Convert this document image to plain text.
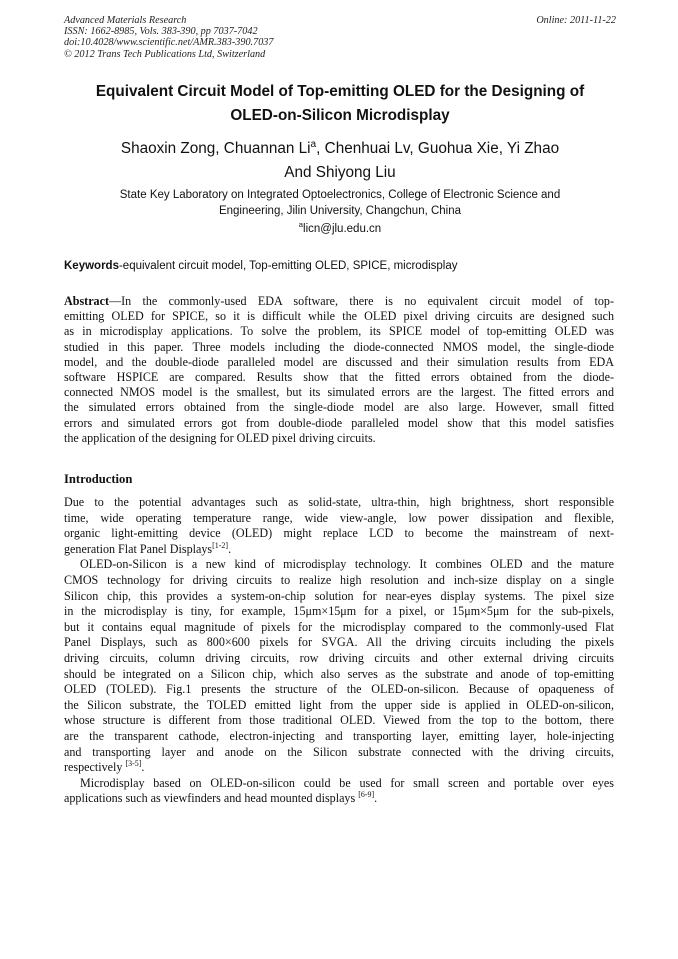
Advanced Materials Research
ISSN: 1662-8985, Vols. 383-390, pp 7037-7042
doi:10.4028/www.scientific.net/AMR.383-390.7037
© 2012 Trans Tech Publications Ltd, Switzerland
Online: 2011-11-22
Equivalent Circuit Model of Top-emitting OLED for the Designing of
OLED-on-Silicon Microdisplay
Shaoxin Zong, Chuannan Li$^a$, Chenhuai Lv, Guohua Xie, Yi Zhao
And Shiyong Liu
State Key Laboratory on Integrated Optoelectronics, College of Electronic Science and
Engineering, Jilin University, Changchun, China
$^a$licn@jlu.edu.cn
Keywords-equivalent circuit model, Top-emitting OLED, SPICE, microdisplay
Abstract—In the commonly-used EDA software, there is no equivalent circuit model of top-
emitting OLED for SPICE, so it is difficult while the OLED pixel driving circuits are designed such
as in microdisplay applications. To solve the problem, its SPICE model of top-emitting OLED was
studied in this paper. Three models including the diode-connected NMOS model, the single-diode
model, and the double-diode paralleled model are discussed and their simulation results from EDA
software HSPICE are compared. Results show that the fitted errors obtained from the diode-
connected NMOS model is the smallest, but its simulated errors are the largest. The fitted errors and
the simulated errors obtained from the single-diode model are also large. However, small fitted
errors and simulated errors got from double-diode paralleled model show that this model satisfies
the application of the designing for OLED pixel driving circuits.
Introduction
Due to the potential advantages such as solid-state, ultra-thin, high brightness, short responsible
time, wide operating temperature range, wide view-angle, low power dissipation and flexible,
organic light-emitting device (OLED) might replace LCD to become the mainstream of next-
generation Flat Panel Displays[1-2].
OLED-on-Silicon is a new kind of microdisplay technology. It combines OLED and the mature
CMOS technology for driving circuits to realize high resolution and inch-size display on a single
Silicon chip, this provides a system-on-chip solution for near-eyes display systems. The pixel size
in the microdisplay is tiny, for example, 15μm×15μm for a pixel, or 15μm×5μm for the sub-pixels,
but it contains equal magnitude of pixels for the microdisplay compared to the commonly-used Flat
Panel Displays, such as 800×600 pixels for SVGA. All the driving circuits including the pixels
driving circuits, column driving circuits, row driving circuits and other external driving circuits
should be integrated on a Silicon chip, which also serves as the substrate and anode of top-emitting
OLED (TOLED). Fig.1 presents the structure of the OLED-on-silicon. Because of opaqueness of
the Silicon substrate, the TOLED emitted light from the upper side is applied in OLED-on-silicon,
whose structure is different from those traditional OLED. Viewed from the top to the bottom, there
are the transparent cathode, electron-injecting and transporting layer, emitting layer, hole-injecting
and transporting layer and anode on the Silicon substrate connected with the driving circuits,
respectively [3-5].
Microdisplay based on OLED-on-silicon could be used for small screen and portable over eyes
applications such as viewfinders and head mounted displays [6-9].
